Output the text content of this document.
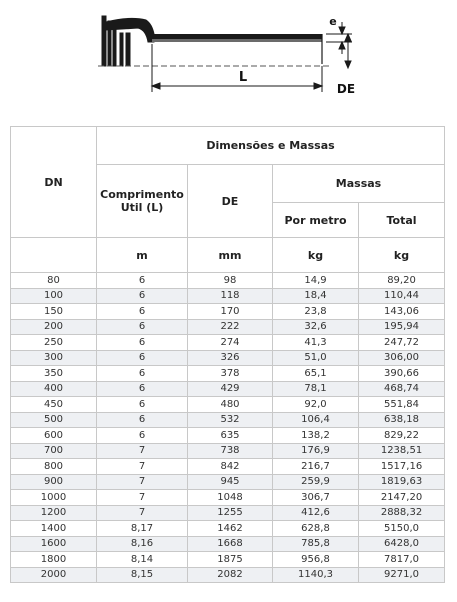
L
e
DE
DN	Dimensões e Massas			
	Comprimento Util (L)	DE	Massas	
			Por metro	Total
	m	mm	kg	kg
80	6	98	14,9	89,20
100	6	118	18,4	110,44
150	6	170	23,8	143,06
200	6	222	32,6	195,94
250	6	274	41,3	247,72
300	6	326	51,0	306,00
350	6	378	65,1	390,66
400	6	429	78,1	468,74
450	6	480	92,0	551,84
500	6	532	106,4	638,18
600	6	635	138,2	829,22
700	7	738	176,9	1238,51
800	7	842	216,7	1517,16
900	7	945	259,9	1819,63
1000	7	1048	306,7	2147,20
1200	7	1255	412,6	2888,32
1400	8,17	1462	628,8	5150,0
1600	8,16	1668	785,8	6428,0
1800	8,14	1875	956,8	7817,0
2000	8,15	2082	1140,3	9271,0
